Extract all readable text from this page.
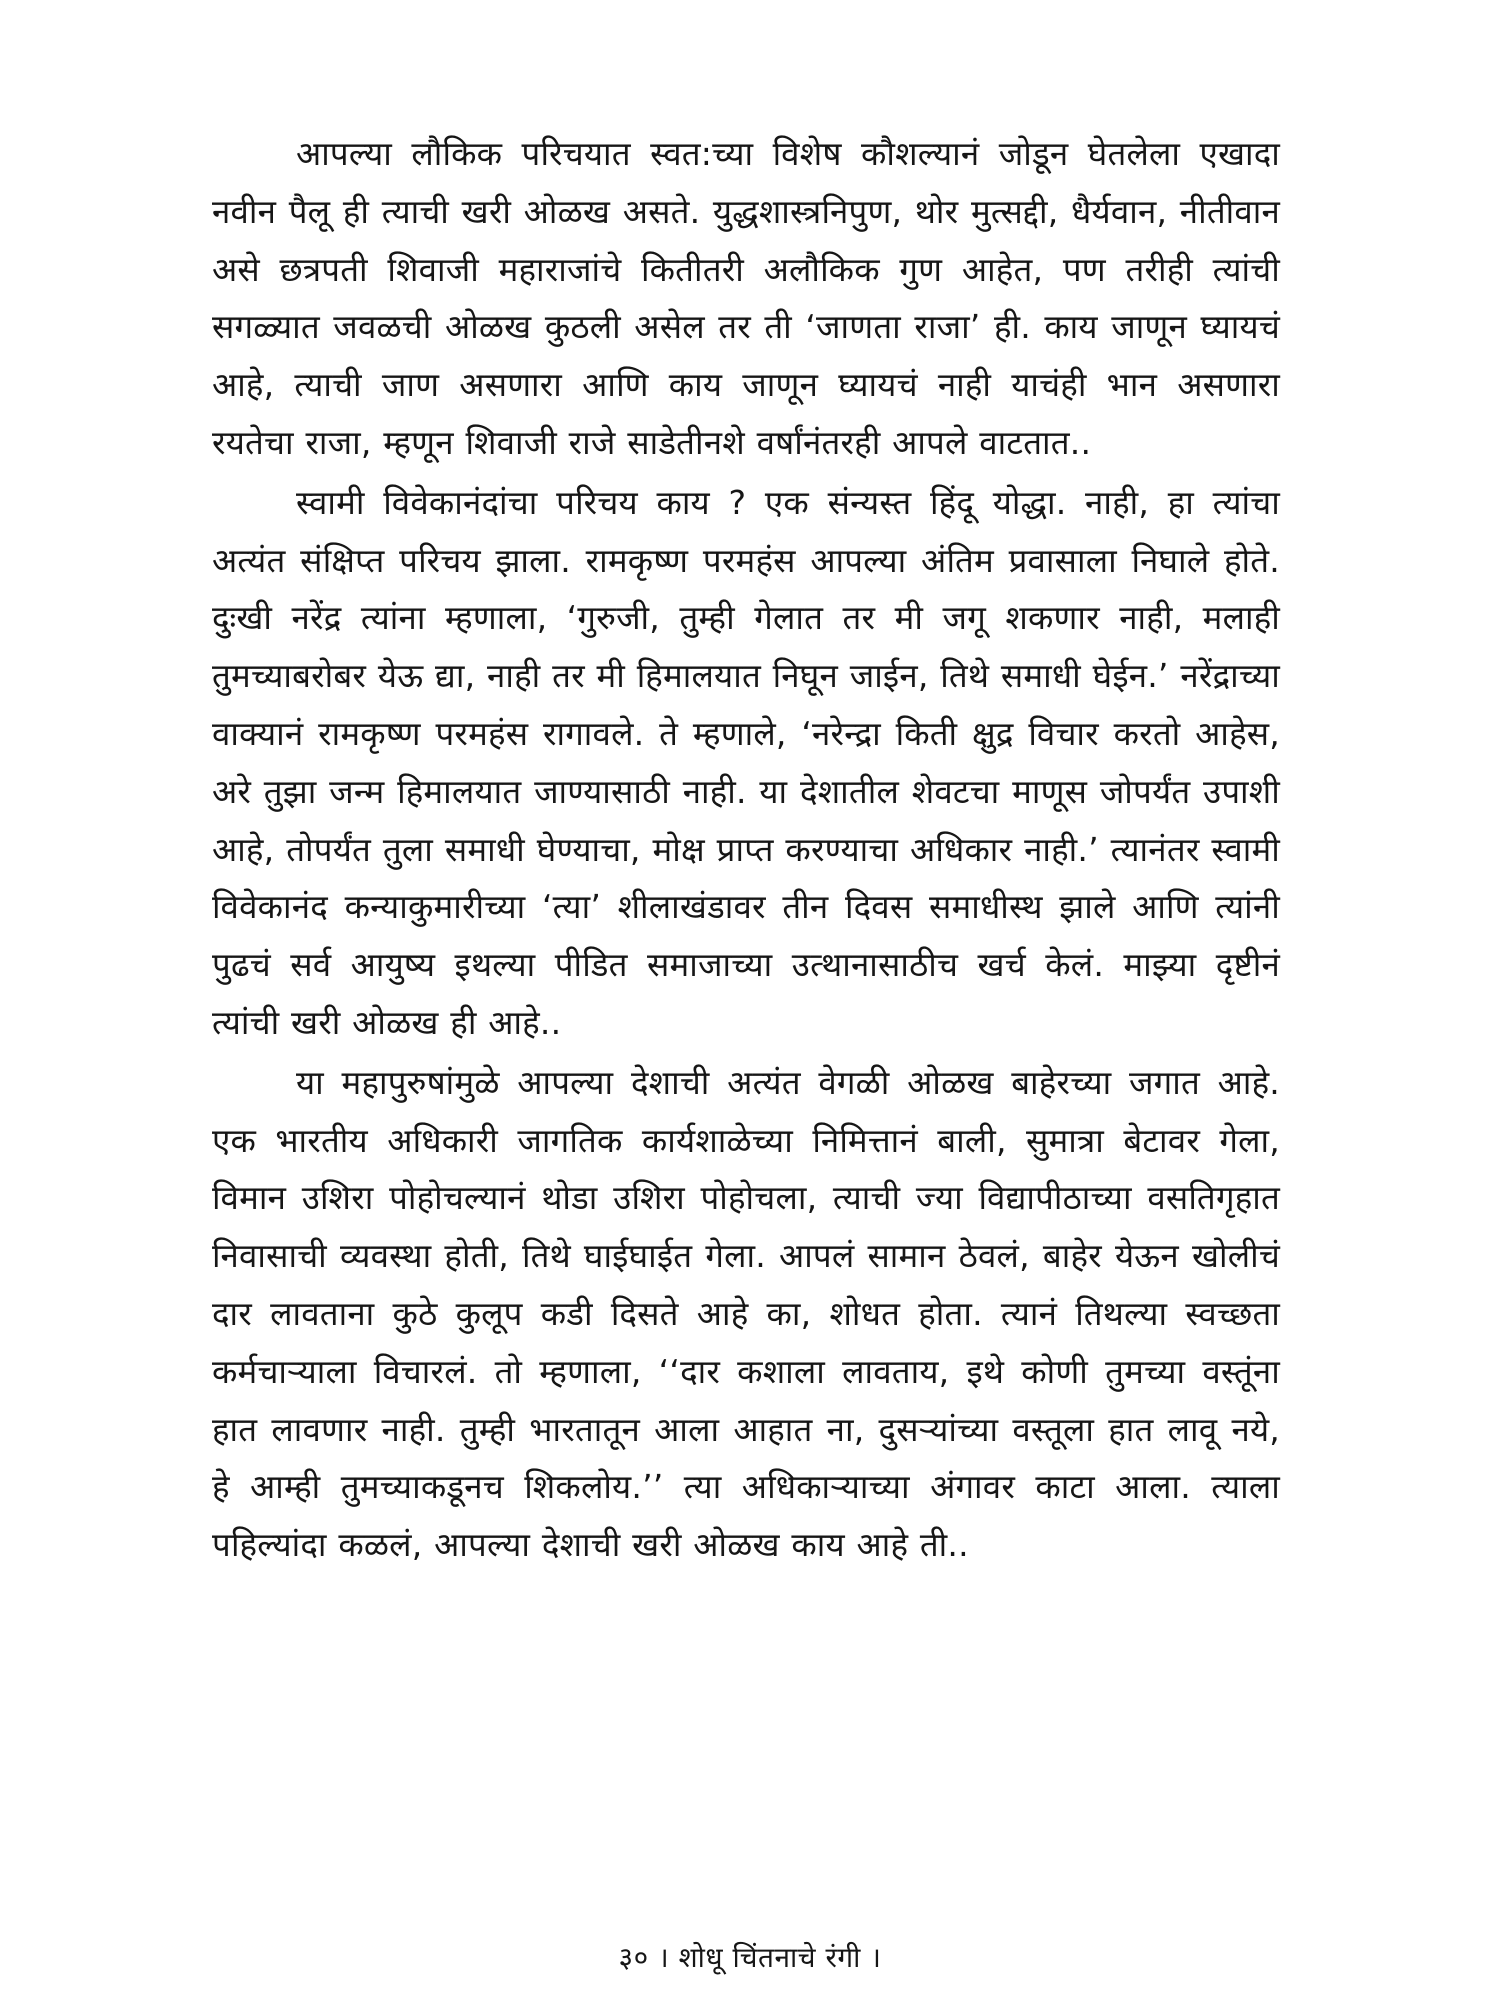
आपल्या लौकिक परिचयात स्वत:च्या विशेष कौशल्यानं जोडून घेतलेला एखादा नवीन पैलू ही त्याची खरी ओळख असते. युद्धशास्त्रनिपुण, थोर मुत्सद्दी, धैर्यवान, नीतीवान असे छत्रपती शिवाजी महाराजांचे कितीतरी अलौकिक गुण आहेत, पण तरीही त्यांची सगळ्यात जवळची ओळख कुठली असेल तर ती ‘जाणता राजा’ ही. काय जाणून घ्यायचं आहे, त्याची जाण असणारा आणि काय जाणून घ्यायचं नाही याचंही भान असणारा रयतेचा राजा, म्हणून शिवाजी राजे साडेतीनशे वर्षांनंतरही आपले वाटतात..

स्वामी विवेकानंदांचा परिचय काय ? एक संन्यस्त हिंदू योद्धा. नाही, हा त्यांचा अत्यंत संक्षिप्त परिचय झाला. रामकृष्ण परमहंस आपल्या अंतिम प्रवासाला निघाले होते. दुःखी नरेंद्र त्यांना म्हणाला, ‘गुरुजी, तुम्ही गेलात तर मी जगू शकणार नाही, मलाही तुमच्याबरोबर येऊ द्या, नाही तर मी हिमालयात निघून जाईन, तिथे समाधी घेईन.’ नरेंद्राच्या वाक्यानं रामकृष्ण परमहंस रागावले. ते म्हणाले, ‘नरेन्द्रा किती क्षुद्र विचार करतो आहेस, अरे तुझा जन्म हिमालयात जाण्यासाठी नाही. या देशातील शेवटचा माणूस जोपर्यंत उपाशी आहे, तोपर्यंत तुला समाधी घेण्याचा, मोक्ष प्राप्त करण्याचा अधिकार नाही.’ त्यानंतर स्वामी विवेकानंद कन्याकुमारीच्या ‘त्या’ शीलाखंडावर तीन दिवस समाधीस्थ झाले आणि त्यांनी पुढचं सर्व आयुष्य इथल्या पीडित समाजाच्या उत्थानासाठीच खर्च केलं. माझ्या दृष्टीनं त्यांची खरी ओळख ही आहे..

या महापुरुषांमुळे आपल्या देशाची अत्यंत वेगळी ओळख बाहेरच्या जगात आहे. एक भारतीय अधिकारी जागतिक कार्यशाळेच्या निमित्तानं बाली, सुमात्रा बेटावर गेला, विमान उशिरा पोहोचल्यानं थोडा उशिरा पोहोचला, त्याची ज्या विद्यापीठाच्या वसतिगृहात निवासाची व्यवस्था होती, तिथे घाईघाईत गेला. आपलं सामान ठेवलं, बाहेर येऊन खोलीचं दार लावताना कुठे कुलूप कडी दिसते आहे का, शोधत होता. त्यानं तिथल्या स्वच्छता कर्मचाऱ्याला विचारलं. तो म्हणाला, ‘‘दार कशाला लावताय, इथे कोणी तुमच्या वस्तूंना हात लावणार नाही. तुम्ही भारतातून आला आहात ना, दुसऱ्यांच्या वस्तूला हात लावू नये, हे आम्ही तुमच्याकडूनच शिकलोय.’’ त्या अधिकाऱ्याच्या अंगावर काटा आला. त्याला पहिल्यांदा कळलं, आपल्या देशाची खरी ओळख काय आहे ती..

३० । शोधू चिंतनाचे रंगी ।
